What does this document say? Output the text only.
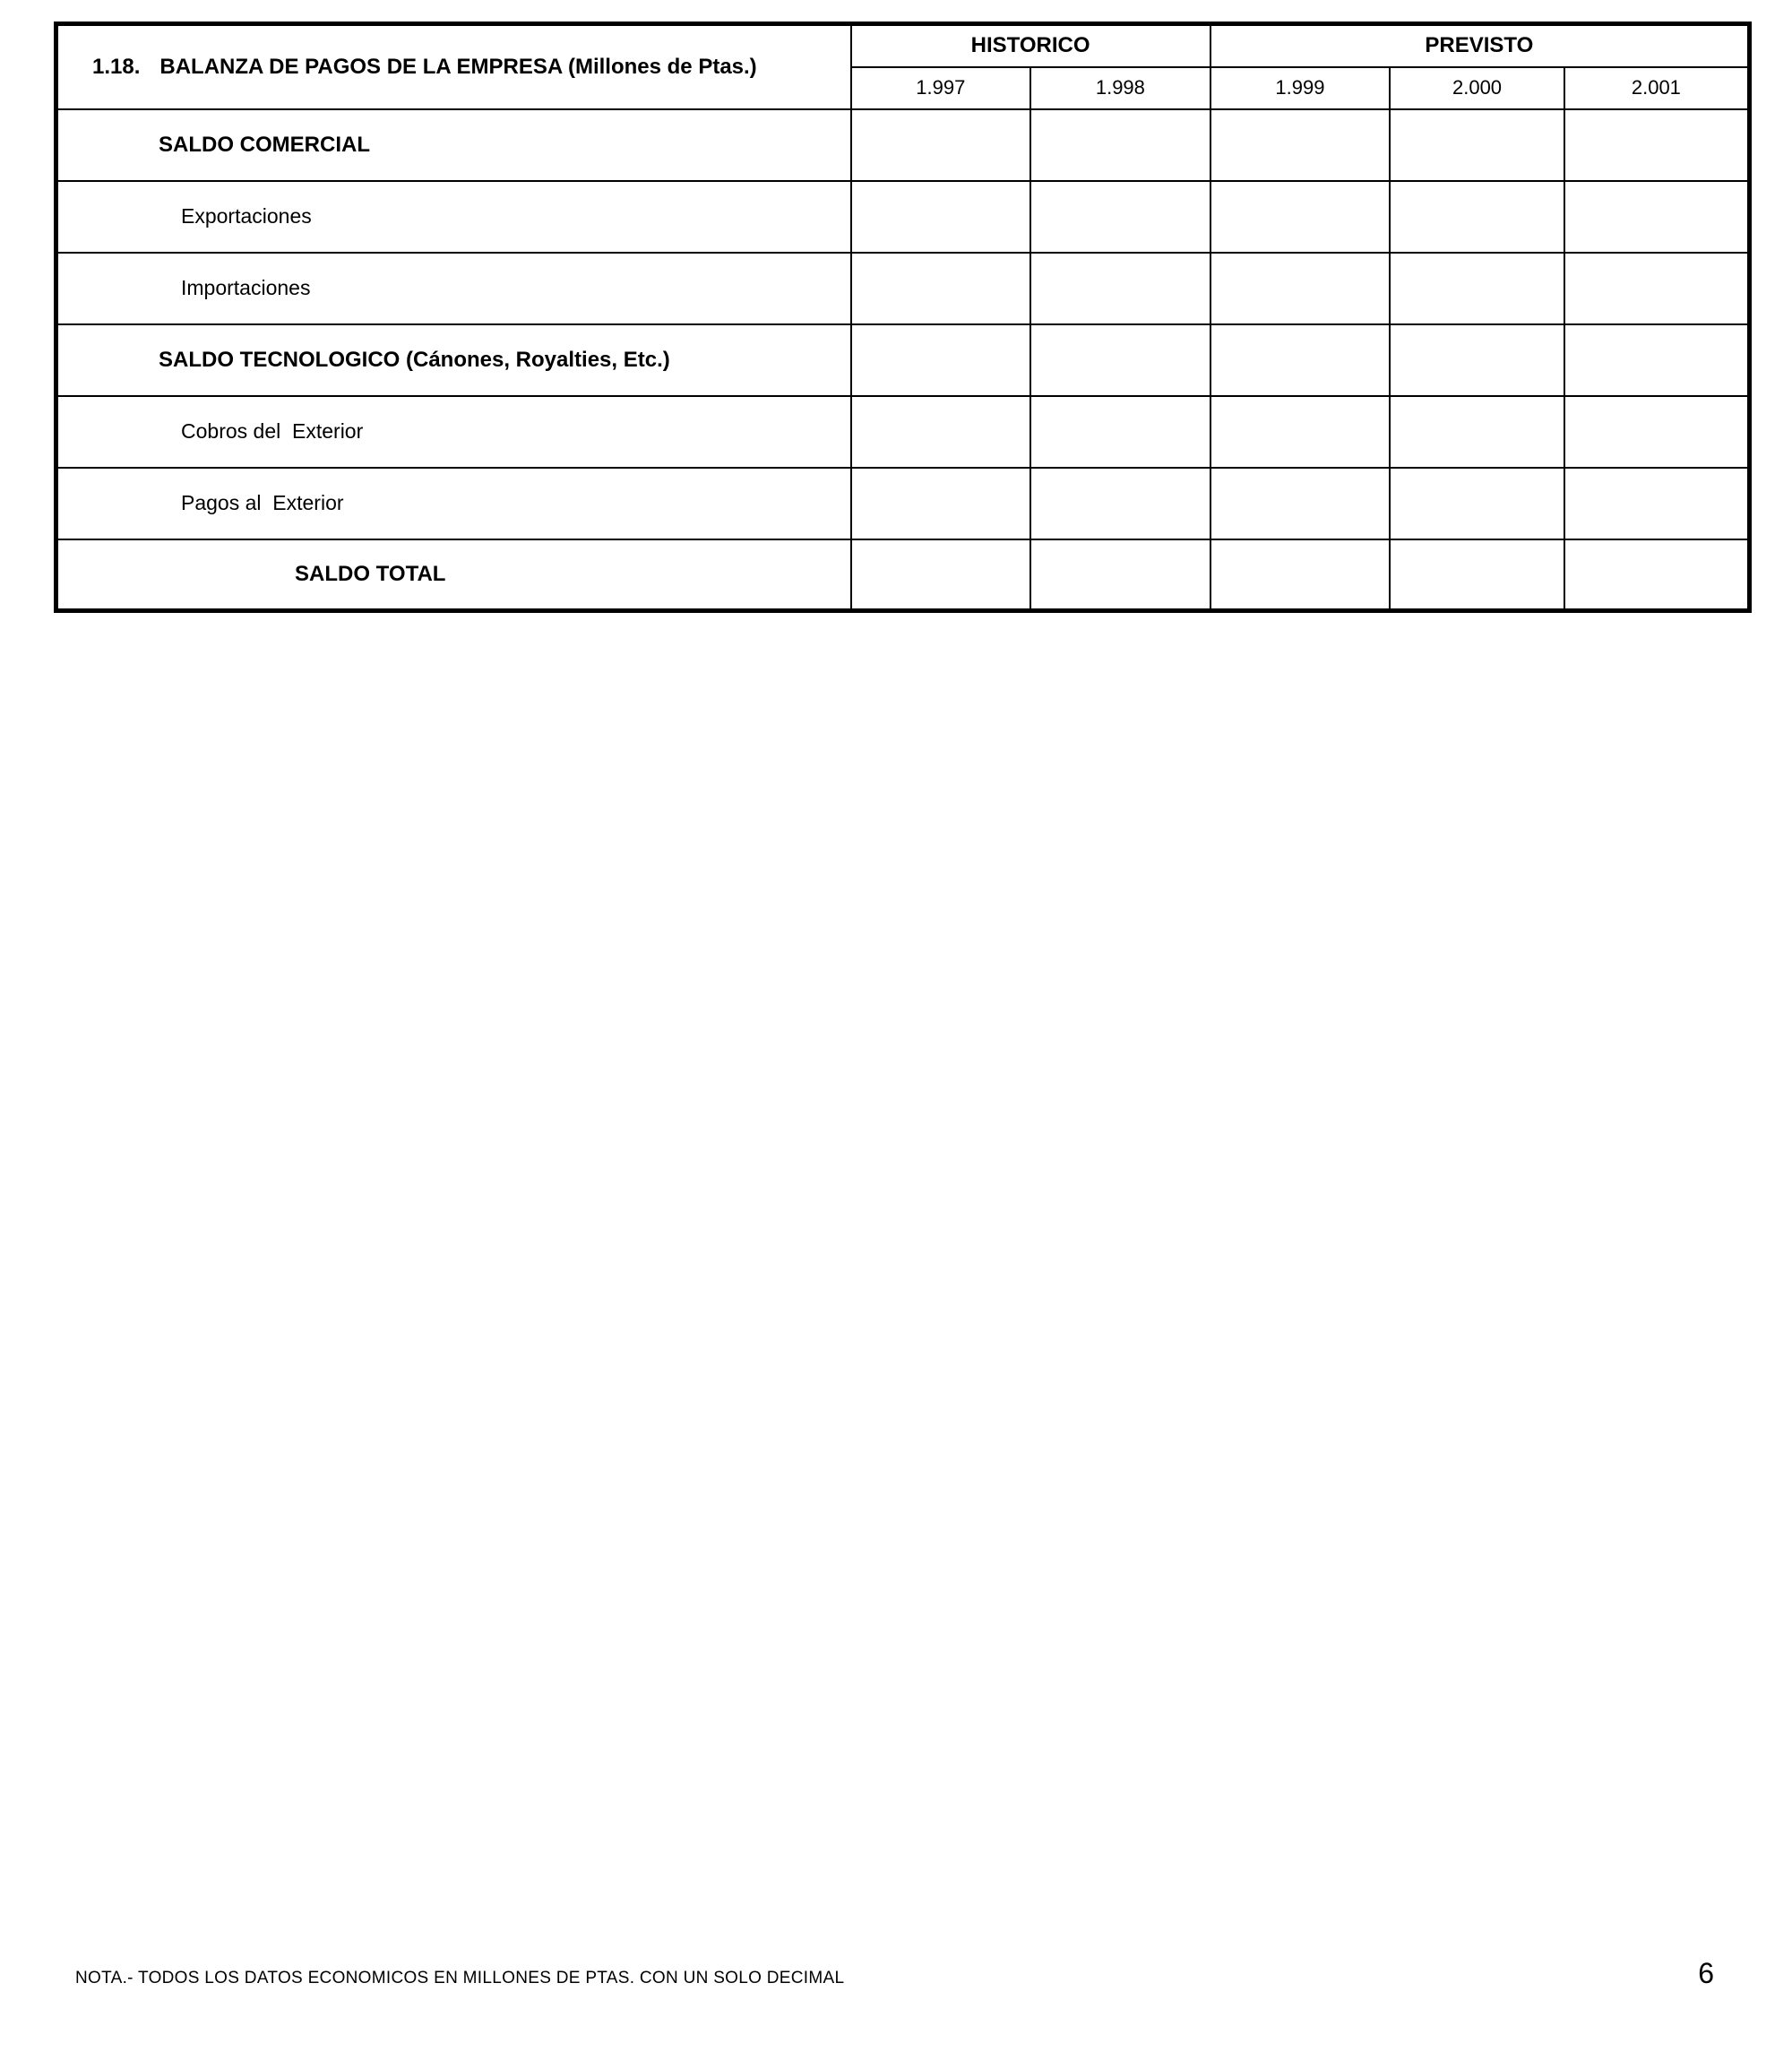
1.18. BALANZA DE PAGOS DE LA EMPRESA (Millones de Ptas.)	HISTORICO		PREVISTO		
	1.997	1.998	1.999	2.000	2.001
SALDO COMERCIAL					
Exportaciones					
Importaciones					
SALDO TECNOLOGICO (Cánones, Royalties, Etc.)					
Cobros del  Exterior					
Pagos al  Exterior					
SALDO TOTAL					
NOTA.- TODOS LOS DATOS ECONOMICOS EN MILLONES DE PTAS. CON UN SOLO DECIMAL	6
